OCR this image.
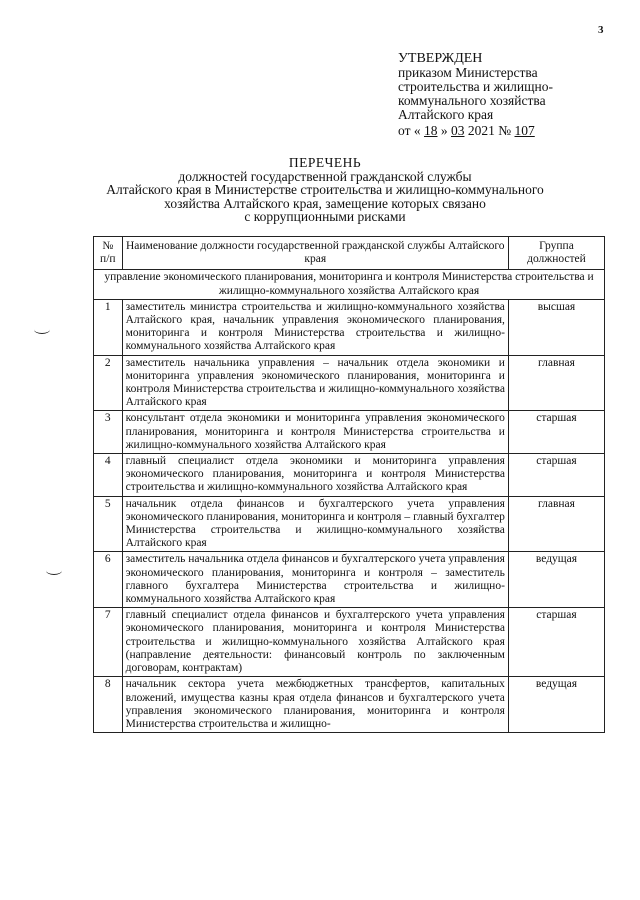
3
УТВЕРЖДЕН
приказом Министерства
строительства и жилищно-
коммунального хозяйства
Алтайского края
от « 18 » 03 2021 № 107
ПЕРЕЧЕНЬ
должностей государственной гражданской службы
Алтайского края в Министерстве строительства и жилищно-коммунального
хозяйства Алтайского края, замещение которых связано
с коррупционными рисками
№ п/п	Наименование должности государственной гражданской службы Алтайского края	Группа должностей
управление экономического планирования, мониторинга и контроля Министерства строительства и жилищно-коммунального хозяйства Алтайского края		
1	заместитель министра строительства и жилищно-коммунального хозяйства Алтайского края, начальник управления экономического планирования, мониторинга и контроля Министерства строительства и жилищно-коммунального хозяйства Алтайского края	высшая
2	заместитель начальника управления – начальник отдела экономики и мониторинга управления экономического планирования, мониторинга и контроля Министерства строительства и жилищно-коммунального хозяйства Алтайского края	главная
3	консультант отдела экономики и мониторинга управления экономического планирования, мониторинга и контроля Министерства строительства и жилищно-коммунального хозяйства Алтайского края	старшая
4	главный специалист отдела экономики и мониторинга управления экономического планирования, мониторинга и контроля Министерства строительства и жилищно-коммунального хозяйства Алтайского края	старшая
5	начальник отдела финансов и бухгалтерского учета управления экономического планирования, мониторинга и контроля – главный бухгалтер Министерства строительства и жилищно-коммунального хозяйства Алтайского края	главная
6	заместитель начальника отдела финансов и бухгалтерского учета управления экономического планирования, мониторинга и контроля – заместитель главного бухгалтера Министерства строительства и жилищно-коммунального хозяйства Алтайского края	ведущая
7	главный специалист отдела финансов и бухгалтерского учета управления экономического планирования, мониторинга и контроля Министерства строительства и жилищно-коммунального хозяйства Алтайского края (направление деятельности: финансовый контроль по заключенным договорам, контрактам)	старшая
8	начальник сектора учета межбюджетных трансфертов, капитальных вложений, имущества казны края отдела финансов и бухгалтерского учета управления экономического планирования, мониторинга и контроля Министерства строительства и жилищно-	ведущая
